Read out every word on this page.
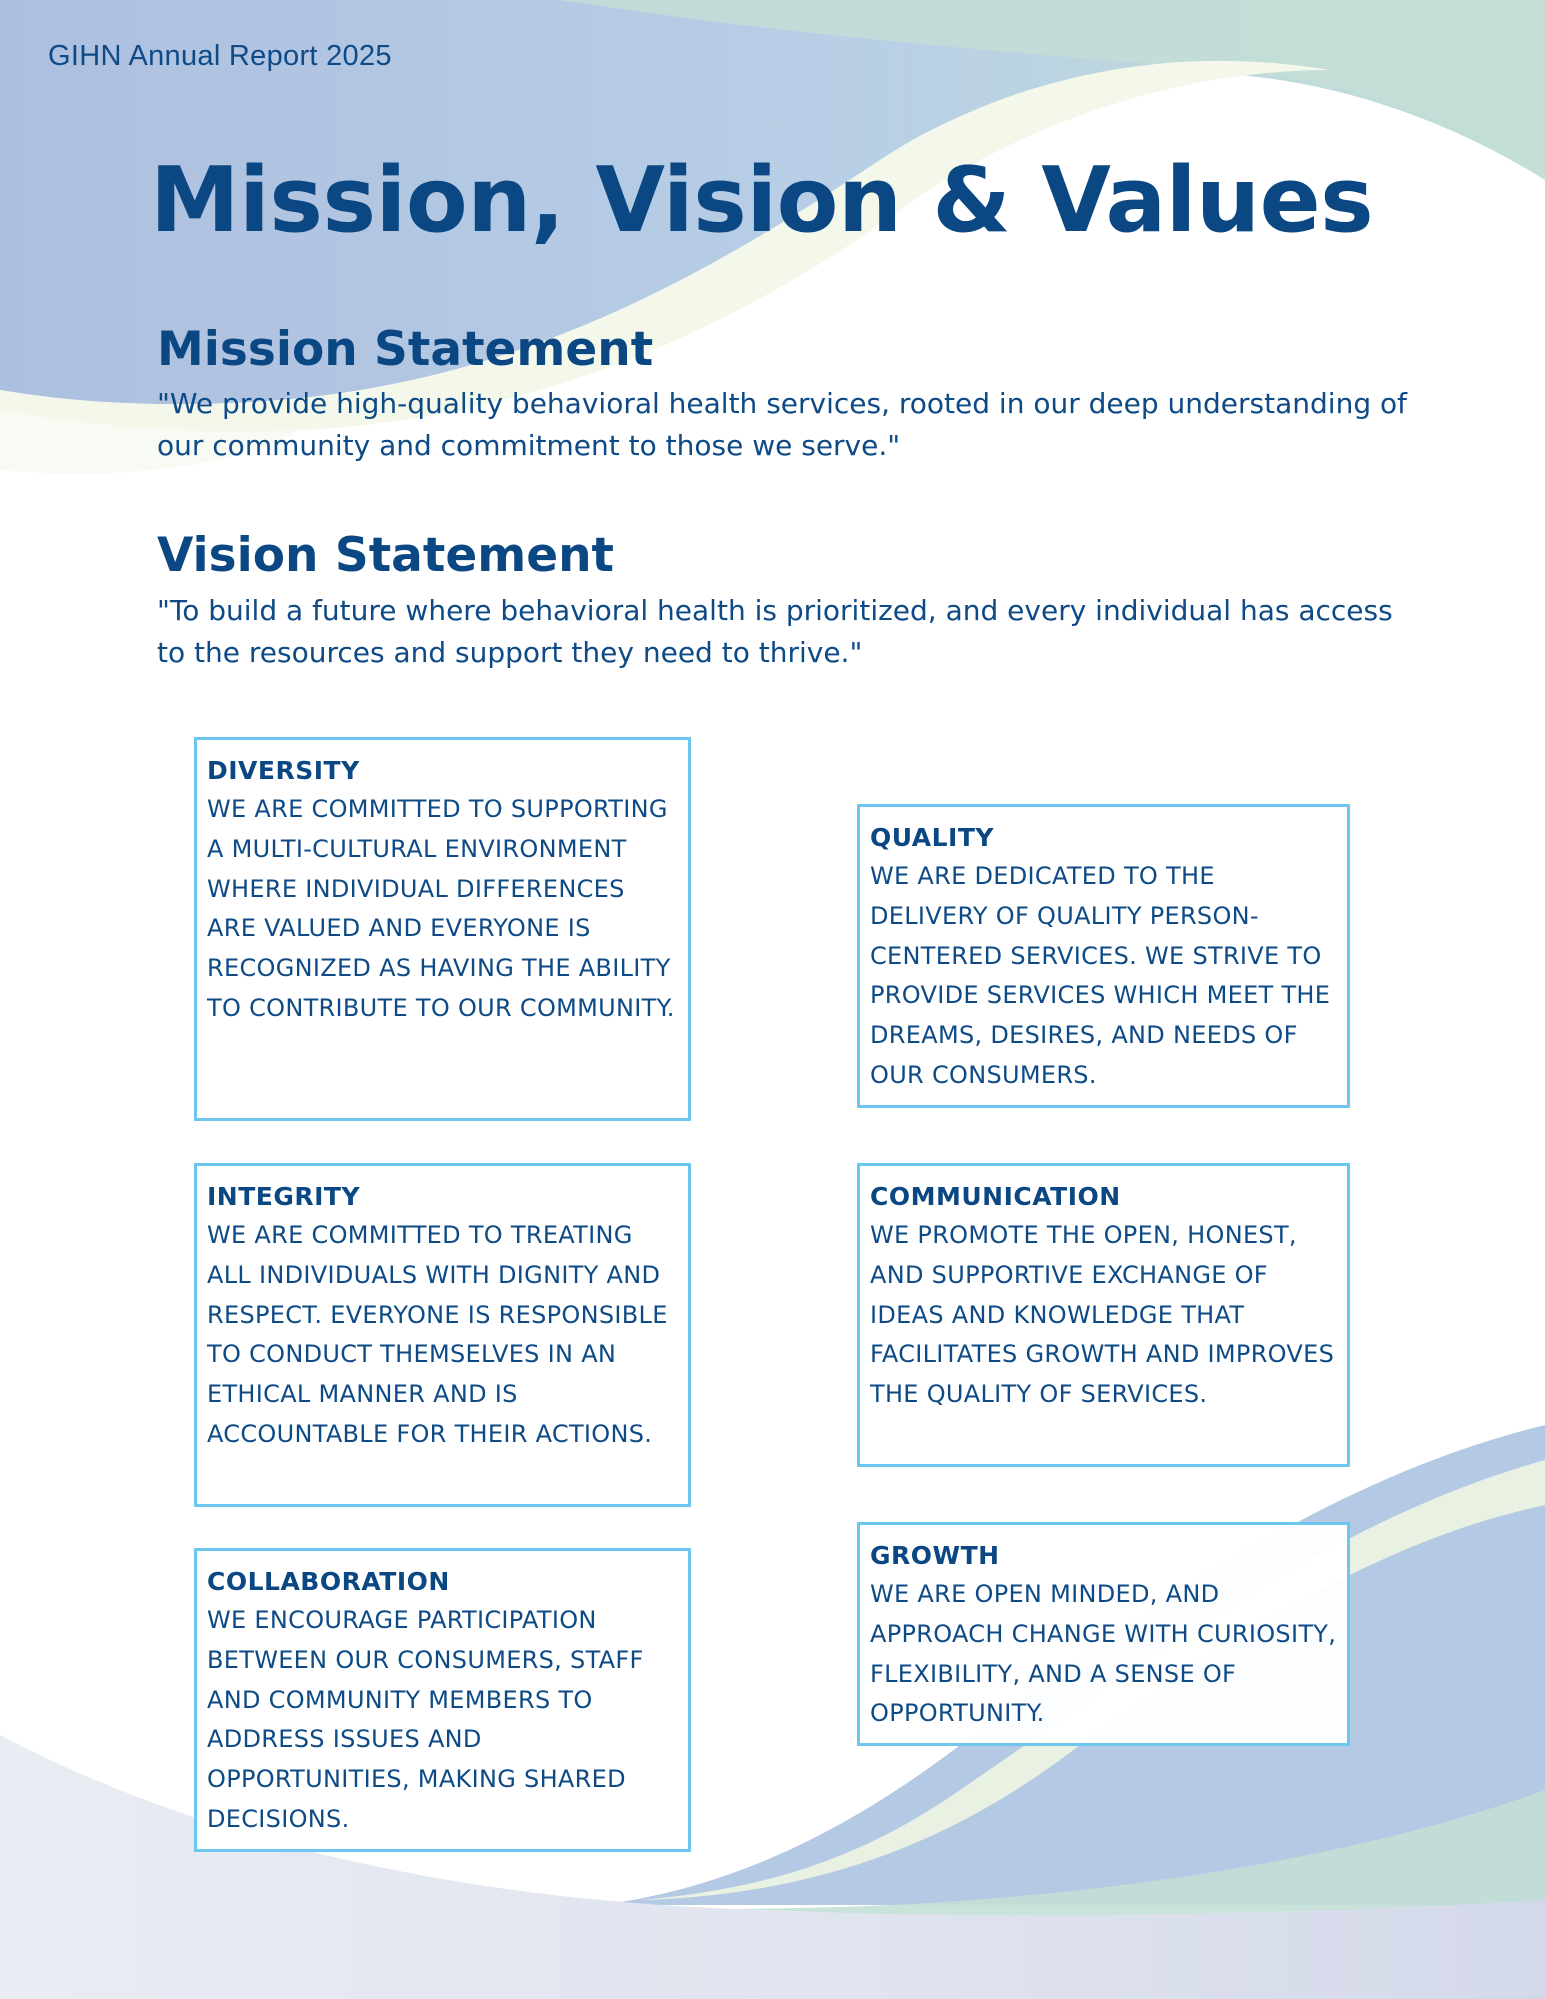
GIHN Annual Report 2025
Mission, Vision & Values
Mission Statement

"We provide high-quality behavioral health services, rooted in our deep understanding of our community and commitment to those we serve."

Vision Statement

"To build a future where behavioral health is prioritized, and every individual has access to the resources and support they need to thrive."

DIVERSITY
WE ARE COMMITTED TO SUPPORTING A MULTI-CULTURAL ENVIRONMENT WHERE INDIVIDUAL DIFFERENCES ARE VALUED AND EVERYONE IS RECOGNIZED AS HAVING THE ABILITY TO CONTRIBUTE TO OUR COMMUNITY.
QUALITY
WE ARE DEDICATED TO THE DELIVERY OF QUALITY PERSON-CENTERED SERVICES. WE STRIVE TO PROVIDE SERVICES WHICH MEET THE DREAMS, DESIRES, AND NEEDS OF OUR CONSUMERS.
INTEGRITY
WE ARE COMMITTED TO TREATING ALL INDIVIDUALS WITH DIGNITY AND RESPECT. EVERYONE IS RESPONSIBLE TO CONDUCT THEMSELVES IN AN ETHICAL MANNER AND IS ACCOUNTABLE FOR THEIR ACTIONS.
COMMUNICATION
WE PROMOTE THE OPEN, HONEST, AND SUPPORTIVE EXCHANGE OF IDEAS AND KNOWLEDGE THAT FACILITATES GROWTH AND IMPROVES THE QUALITY OF SERVICES.
COLLABORATION
WE ENCOURAGE PARTICIPATION BETWEEN OUR CONSUMERS, STAFF AND COMMUNITY MEMBERS TO ADDRESS ISSUES AND OPPORTUNITIES, MAKING SHARED DECISIONS.
GROWTH
WE ARE OPEN MINDED, AND APPROACH CHANGE WITH CURIOSITY, FLEXIBILITY, AND A SENSE OF OPPORTUNITY.
